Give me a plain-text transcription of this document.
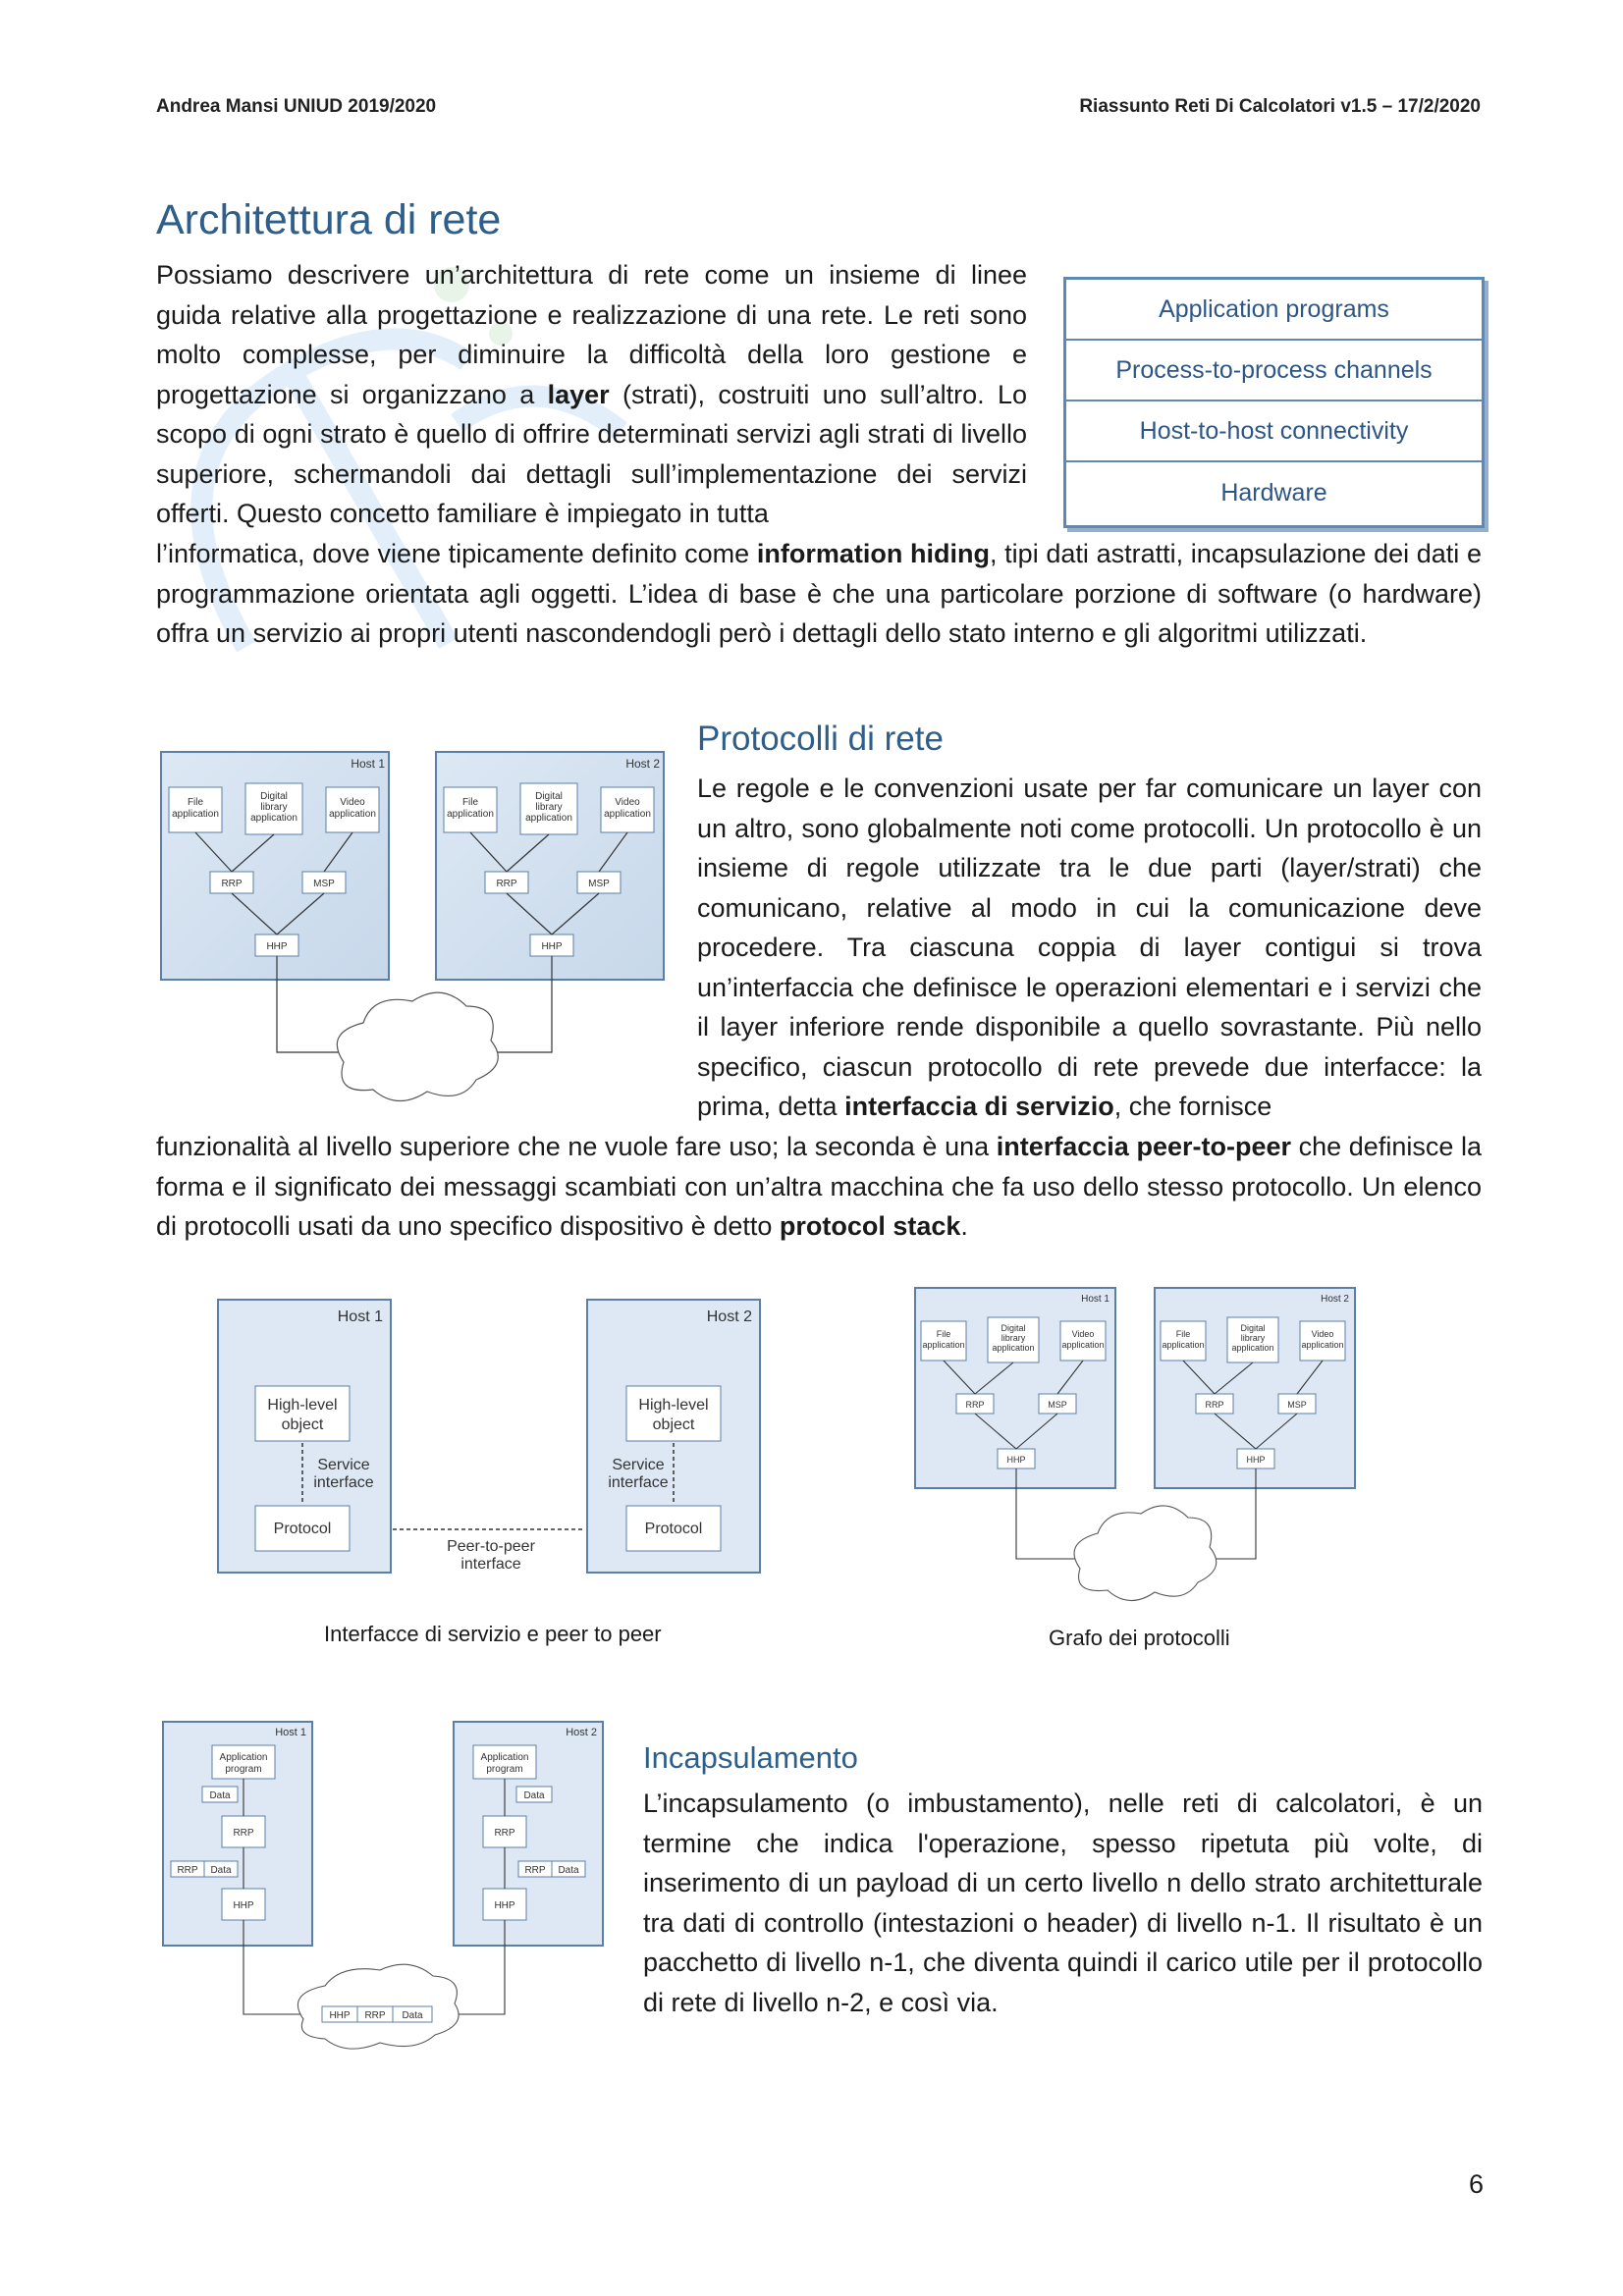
Andrea Mansi UNIUD 2019/2020	Riassunto Reti Di Calcolatori v1.5 – 17/2/2020
Architettura di rete
Possiamo descrivere un’architettura di rete come un insieme di linee guida relative alla progettazione e realizzazione di una rete. Le reti sono molto complesse, per diminuire la difficoltà della loro gestione e progettazione si organizzano a layer (strati), costruiti uno sull’altro. Lo scopo di ogni strato è quello di offrire determinati servizi agli strati di livello superiore, schermandoli dai dettagli sull’implementazione dei servizi offerti. Questo concetto familiare è impiegato in tutta
l’informatica, dove viene tipicamente definito come information hiding, tipi dati astratti, incapsulazione dei dati e programmazione orientata agli oggetti. L’idea di base è che una particolare porzione di software (o hardware) offra un servizio ai propri utenti nascondendogli però i dettagli dello stato interno e gli algoritmi utilizzati.
Application programs
Process-to-process channels
Host-to-host connectivity
Hardware
Protocolli di rete
Le regole e le convenzioni usate per far comunicare un layer con un altro, sono globalmente noti come protocolli. Un protocollo è un insieme di regole utilizzate tra le due parti (layer/strati) che comunicano, relative al modo in cui la comunicazione deve procedere. Tra ciascuna coppia di layer contigui si trova un’interfaccia che definisce le operazioni elementari e i servizi che il layer inferiore rende disponibile a quello sovrastante. Più nello specifico, ciascun protocollo di rete prevede due interfacce: la prima, detta interfaccia di servizio, che fornisce
funzionalità al livello superiore che ne vuole fare uso; la seconda è una interfaccia peer-to-peer che definisce la forma e il significato dei messaggi scambiati con un’altra macchina che fa uso dello stesso protocollo. Un elenco di protocolli usati da uno specifico dispositivo è detto protocol stack.
Host 1
File
application
Digital
library
application
Video
application
RRP	MSP
HHP
Host 2
File
application
Digital
library
application
Video
application
RRP	MSP
HHP
Host 1	Host 2
High-level
object
Protocol
Service
interface
High-level
object
Protocol
Service
interface
Peer-to-peer
interface
Host 1	Host 2
File
application
Digital
library
application
Video
application
RRP	MSP
HHP
File
application
Digital
library
application
Video
application
RRP	MSP
HHP
Interfacce di servizio e peer to peer	Grafo dei protocolli
Host 1	Host 2
Application
program
Data
RRP
RRP Data
HHP
Application
program
Data
RRP
RRP Data
HHP
HHP RRP Data
Incapsulamento
L’incapsulamento (o imbustamento), nelle reti di calcolatori, è un termine che indica l'operazione, spesso ripetuta più volte, di inserimento di un payload di un certo livello n dello strato architetturale tra dati di controllo (intestazioni o header) di livello n-1. Il risultato è un pacchetto di livello n-1, che diventa quindi il carico utile per il protocollo di rete di livello n-2, e così via.
6
